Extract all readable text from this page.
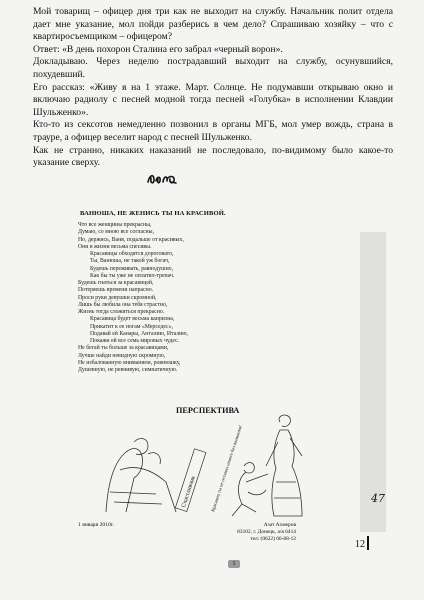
Мой товарищ – офицер дня три как не выходит на службу. Начальник полит отдела дает мне указание, мол пойди разберись в чем дело? Спрашиваю хозяйку – что с квартиросъемщиком – офицером?

Ответ: «В день похорон Сталина его забрал «черный ворон».

Докладываю. Через неделю пострадавший выходит на службу, осунувшийся, похудевший.

Его рассказ: «Живу я на 1 этаже. Март. Солнце. Не подумавши открываю окно и включаю радиолу с песней модной тогда песней «Голубка» в исполнении Клавдии Шульженко».

Кто-то из сексотов немедленно позвонил в органы МГБ, мол умер вождь, страна в трауре, а офицер веселит народ с песней Шульженко.

Как не странно, никаких наказаний не последовало, по-видимому было какое-то указание сверху.

ВАНЮША, НЕ ЖЕНИСЬ ТЫ НА КРАСИВОЙ.
Что все женщины прекрасны,
Думаю, со мною все согласны,
Но, держись, Ваня, подальше от красивых,
Они в жизни весьма спесивы.
Красавицы обходятся дороговато,
Ты, Ванюша, не такой уж богач,
Будешь переживать, равнодушно,
Как бы ты уже не оплатил-трепач.
Будешь гнаться за красавицей,
Потеряешь времени напрасно.
Проси руки девушки скромной,
Лишь бы любила она тебя страстно,
Жизнь тогда сложиться прекрасно.
Красавица будет весьма капризна,
Прикатит к ее ногам «Мерседес»,
Подавай ей Канары, Анталию, Италию,
Покажи ей все семь мировых чудес.
Не бегай ты больше за красавицами,
Лучше найди невидную скромную,
Не избалованную вниманием, ровнюшку,
Душевную, не ревнивую, симпатичную.
ПЕРСПЕКТИВА
Счастливчик	Красавиц ты не оставил никого без внимания!
1 января 2010г.	Азат Ахмеров
83102, г. Донецк, а/я 6414
тел: (0622) 66-88-12
47
12
1
